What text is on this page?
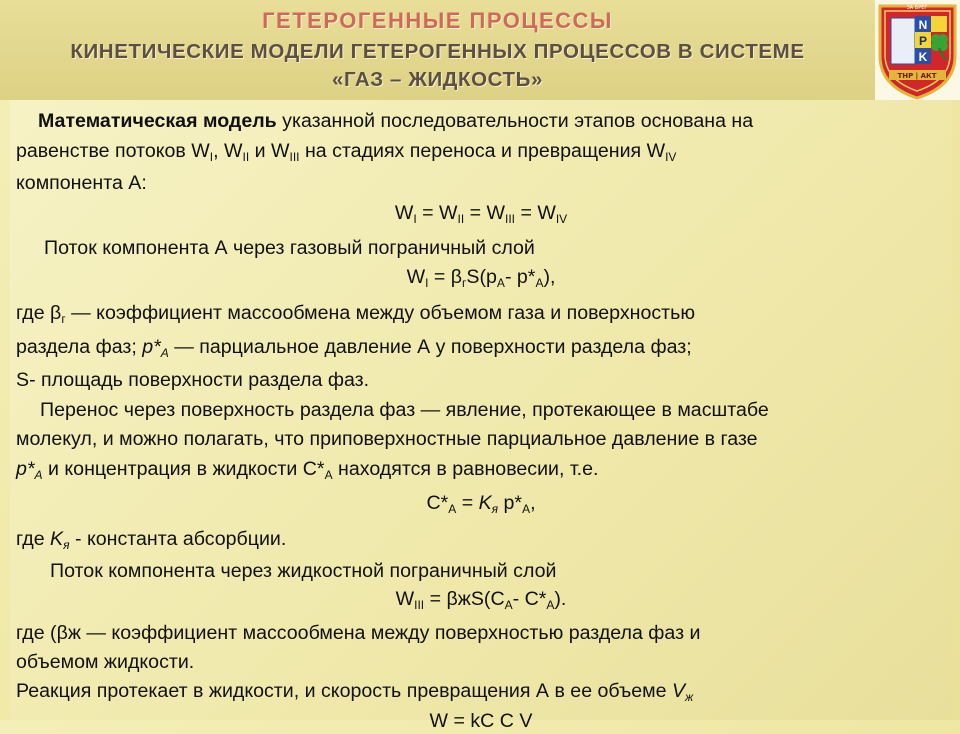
ГЕТЕРОГЕННЫЕ ПРОЦЕССЫ
КИНЕТИЧЕСКИЕ МОДЕЛИ ГЕТЕРОГЕННЫХ ПРОЦЕССОВ В СИСТЕМЕ
«ГАЗ – ЖИДКОСТЬ»
ЗА БРЕГ
N
P
K
ТНР | АКТ
Математическая модель указанной последовательности этапов основана на
равенстве потоков $W_I$, $W_{II}$ и $W_{III}$ на стадиях переноса и превращения $W_{IV}$
компонента А:
$W_I = W_{II} = W_{III} = W_{IV}$
Поток компонента А через газовый пограничный слой
$W_I = \beta_гS(p_A-$ $p*_A$),
где $\beta_г$ — коэффициент массообмена между объемом газа и поверхностью
раздела фаз; $p*_A$ — парциальное давление А у поверхности раздела фаз;
S- площадь поверхности раздела фаз.
Перенос через поверхность раздела фаз — явление, протекающее в масштабе
молекул, и можно полагать, что приповерхностные парциальное давление в газе
$p*_A$ и концентрация в жидкости $С*_A$ находятся в равновесии, т.е.
$С*_A = K_я$ $p*_A$,
где $K_я$ - константа абсорбции.
Поток компонента через жидкостной пограничный слой
$W_{III} = \beta жS(C_A-$ $C*_A$).
где (βж — коэффициент массообмена между поверхностью раздела фаз и
объемом жидкости.
Реакция протекает в жидкости, и скорость превращения А в ее объеме $V_ж$
W = kC C V
